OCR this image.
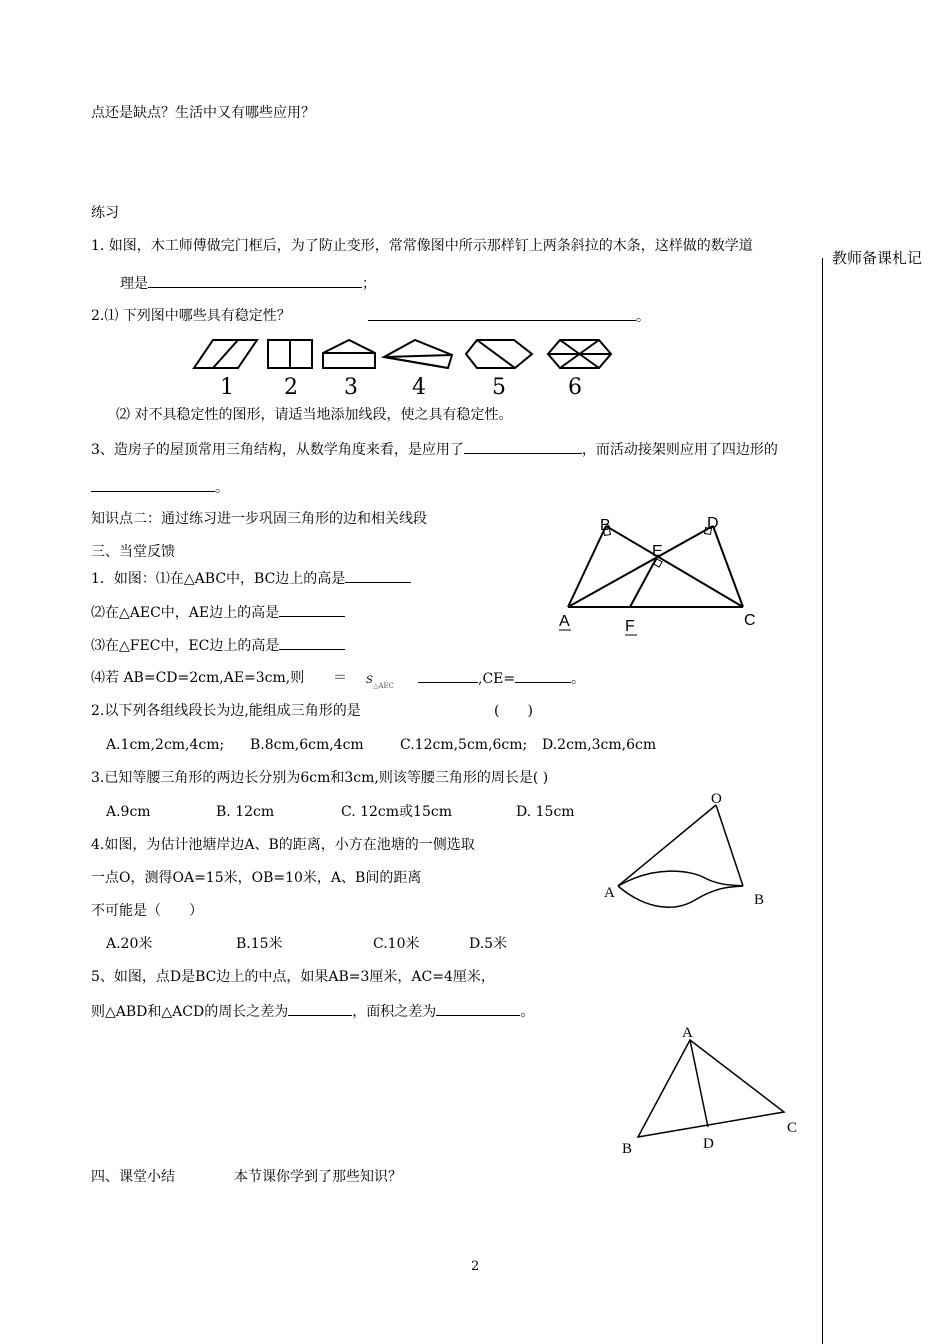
点还是缺点？生活中又有哪些应用？
练习
1. 如图，木工师傅做完门框后，为了防止变形，常常像图中所示那样钉上两条斜拉的木条，这样做的数学道
理是	；
教师备课札记
2.⑴ 下列图中哪些具有稳定性？	。
1 2 3 4	5	6
⑵ 对不具稳定性的图形，请适当地添加线段，使之具有稳定性。
3、造房子的屋顶常用三角结构，从数学角度来看，是应用了	，而活动接架则应用了四边形的
。
知识点二：通过练习进一步巩固三角形的边和相关线段
三、当堂反馈
1．如图：⑴在△ABC中，BC边上的高是
⑵在△AEC中，AE边上的高是
⑶在△FEC中，EC边上的高是
⑷若 AB=CD=2cm,AE=3cm,则 ＝ S △AEC	,CE=	。
2.以下列各组线段长为边,能组成三角形的是	(　　)
A.1cm,2cm,4cm; B.8cm,6cm,4cm	C.12cm,5cm,6cm; D.2cm,3cm,6cm
3.已知等腰三角形的两边长分别为6cm和3cm,则该等腰三角形的周长是( )
A.9cm	B. 12cm	C. 12cm或15cm	D. 15cm
4.如图，为估计池塘岸边A、B的距离，小方在池塘的一侧选取
一点O，测得OA=15米，OB=10米，A、B间的距离
不可能是（　　）
A.20米	B.15米	C.10米	D.5米
5、如图，点D是BC边上的中点，如果AB=3厘米，AC=4厘米，
则△ABD和△ACD的周长之差为	，面积之差为	。
B	D
E
A	F	C
O
A	B
A
B
C
D
四、课堂小结	本节课你学到了那些知识？
2
